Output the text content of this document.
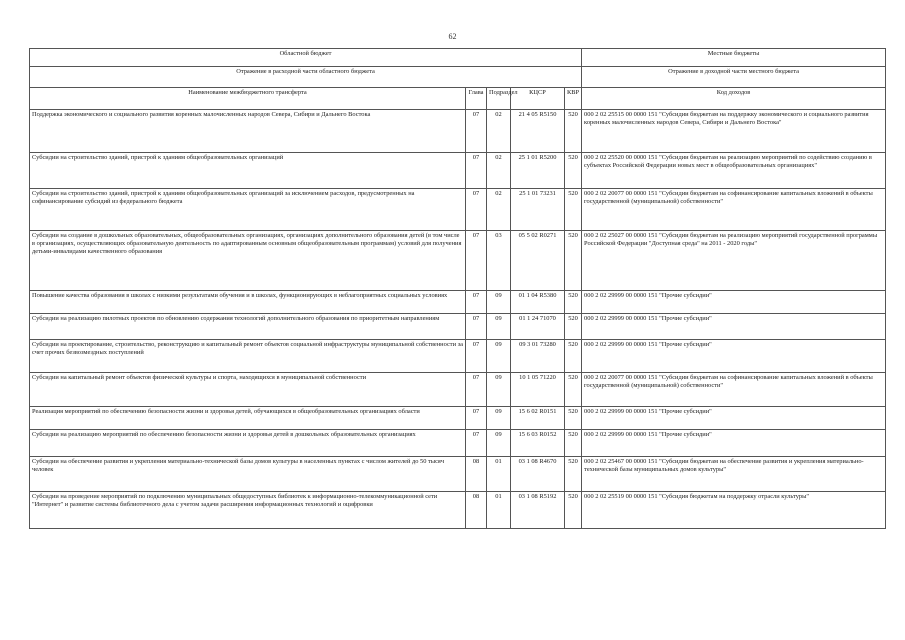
62
Областной бюджет					Местные бюджеты
Отражение в расходной части областного бюджета					Отражение в доходной части местного бюджета
Наименование межбюджетного трансферта	Глава	Подраздел	КЦСР	КВР	Код доходов
Поддержка экономического и социального развития коренных малочисленных народов Севера, Сибири и Дальнего Востока	07	02	21 4 05 R5150	520	000 2 02 25515 00 0000 151 "Субсидии бюджетам на поддержку экономического и социального развития коренных малочисленных народов Севера, Сибири и Дальнего Востока"
Субсидии на строительство зданий, пристрой к зданиям общеобразовательных организаций	07	02	25 1 01 R5200	520	000 2 02 25520 00 0000 151 "Субсидии бюджетам на реализацию мероприятий по содействию созданию в субъектах Российской Федерации новых мест в общеобразовательных организациях"
Субсидии на строительство зданий, пристрой к зданиям общеобразовательных организаций за исключением расходов, предусмотренных на софинансирование субсидий из федерального бюджета	07	02	25 1 01 73231	520	000 2 02 20077 00 0000 151 "Субсидии бюджетам на софинансирование капитальных вложений в объекты государственной (муниципальной) собственности"
Субсидии на создание в дошкольных образовательных, общеобразовательных организациях, организациях дополнительного образования детей (в том числе в организациях, осуществляющих образовательную деятельность по адаптированным основным общеобразовательным программам) условий для получения детьми-инвалидами качественного образования	07	03	05 5 02 R0271	520	000 2 02 25027 00 0000 151 "Субсидии бюджетам на реализацию мероприятий государственной программы Российской Федерации "Доступная среда" на 2011 - 2020 годы"
Повышение качества образования в школах с низкими результатами обучения и в школах, функционирующих в неблагоприятных социальных условиях	07	09	01 1 04 R5380	520	000 2 02 29999 00 0000 151 "Прочие субсидии"
Субсидии на реализацию пилотных проектов по обновлению содержания технологий дополнительного образования по приоритетным направлениям	07	09	01 1 24 71070	520	000 2 02 29999 00 0000 151 "Прочие субсидии"
Субсидии на проектирование, строительство, реконструкцию и капитальный ремонт объектов социальной инфраструктуры муниципальной собственности за счет прочих безвозмездных поступлений	07	09	09 3 01 73280	520	000 2 02 29999 00 0000 151 "Прочие субсидии"
Субсидии на капитальный ремонт объектов физической культуры и спорта, находящихся в муниципальной собственности	07	09	10 1 05 71220	520	000 2 02 20077 00 0000 151 "Субсидии бюджетам на софинансирование капитальных вложений в объекты государственной (муниципальной) собственности"
Реализация мероприятий по обеспечению безопасности жизни и здоровья детей, обучающихся в общеобразовательных организациях области	07	09	15 6 02 R0151	520	000 2 02 29999 00 0000 151 "Прочие субсидии"
Субсидии на реализацию мероприятий по обеспечению безопасности жизни и здоровья детей в дошкольных образовательных организациях	07	09	15 6 03 R0152	520	000 2 02 29999 00 0000 151 "Прочие субсидии"
Субсидии на обеспечение развития и укрепления материально-технической базы домов культуры в населенных пунктах с числом жителей до 50 тысяч человек	08	01	03 1 08 R4670	520	000 2 02 25467 00 0000 151 "Субсидии бюджетам на обеспечение развития и укрепления материально-технической базы муниципальных домов культуры"
Субсидии на проведение мероприятий по подключению муниципальных общедоступных библиотек к информационно-телекоммуникационной сети "Интернет" и развитие системы библиотечного дела с учетом задачи расширения информационных технологий и оцифровки	08	01	03 1 08 R5192	520	000 2 02 25519 00 0000 151 "Субсидия бюджетам на поддержку отрасли культуры"
